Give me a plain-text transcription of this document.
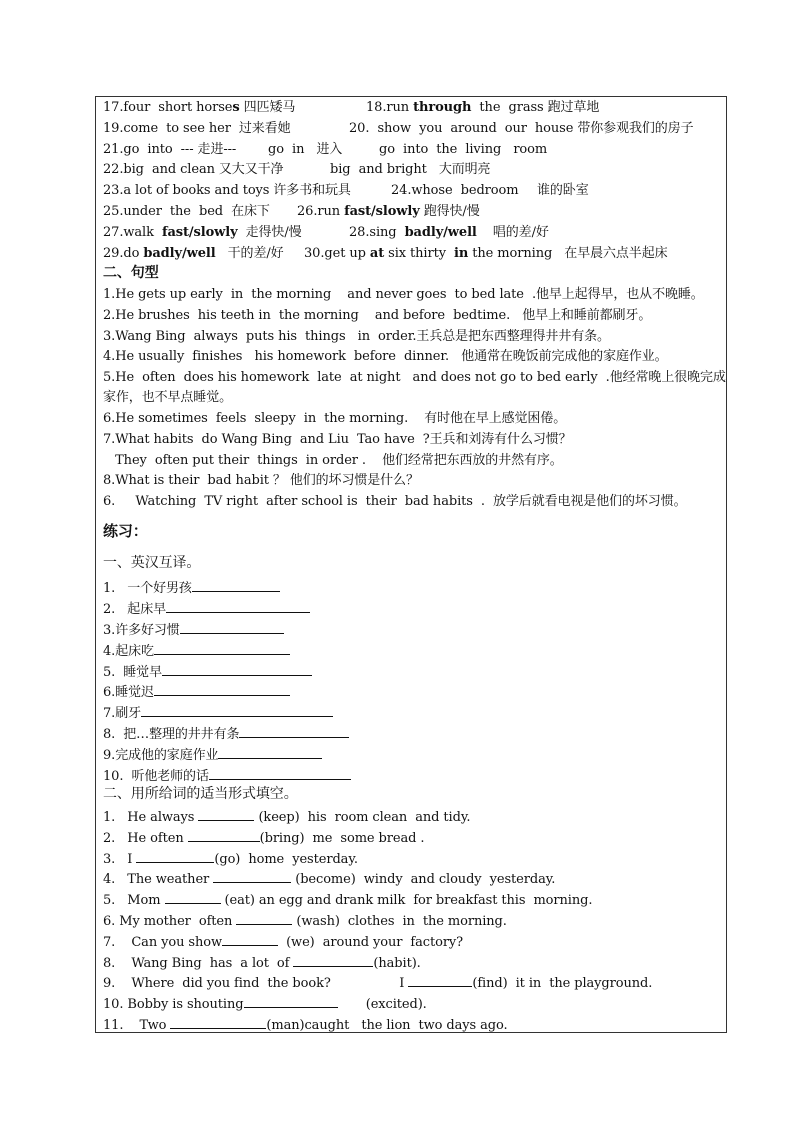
17.four  short horses 四匹矮马	18.run through  the  grass 跑过草地
19.come  to see her  过来看她	20.  show  you  around  our  house 带你参观我们的房子
21.go  into  --- 走进--- go  in   进入	go  into  the  living   room
22.big  and clean 又大又干净	big  and bright   大而明亮
23.a lot of books and toys 许多书和玩具	24.whose  bedroom 谁的卧室
25.under  the  bed  在床下 26.run fast/slowly 跑得快/慢
27.walk  fast/slowly  走得快/慢	28.sing  badly/well    唱的差/好
29.do badly/well   干的差/好 30.get up at six thirty  in the morning   在早晨六点半起床
二、句型
1.He gets up early  in  the morning    and never goes  to bed late  .他早上起得早，也从不晚睡。
2.He brushes  his teeth in  the morning    and before  bedtime.   他早上和睡前都刷牙。
3.Wang Bing  always  puts his  things   in  order.王兵总是把东西整理得井井有条。
4.He usually  finishes   his homework  before  dinner.   他通常在晚饭前完成他的家庭作业。
5.He  often  does his homework  late  at night   and does not go to bed early  .他经常晚上很晚完成
家作，也不早点睡觉。
6.He sometimes  feels  sleepy  in  the morning.    有时他在早上感觉困倦。
7.What habits  do Wang Bing  and Liu  Tao have  ?王兵和刘涛有什么习惯？
They  often put their  things  in order .    他们经常把东西放的井然有序。
8.What is their  bad habit ？ 他们的坏习惯是什么？
6.     Watching  TV right  after school is  their  bad habits  .  放学后就看电视是他们的坏习惯。
练习：
一、英汉互译。
1.   一个好男孩
2.   起床早
3.许多好习惯
4.起床吃
5.  睡觉早
6.睡觉迟
7.刷牙
8.  把…整理的井井有条
9.完成他的家庭作业
10.  听他老师的话
二、用所给词的适当形式填空。
1.   He always	(keep)  his  room clean  and tidy.
2.   He often	(bring)  me  some bread .
3.   I	(go)  home  yesterday.
4.   The weather	(become)  windy  and cloudy  yesterday.
5.   Mom	(eat) an egg and drank milk  for breakfast this  morning.
6. My mother  often	(wash)  clothes  in  the morning.
7.    Can you show	(we)  around your  factory?
8.    Wang Bing  has  a lot  of	(habit).
9.    Where  did you find  the book?                 I	(find)  it in  the playground.
10. Bobby is shouting	(excited).
11.    Two	(man)caught   the lion  two days ago.
